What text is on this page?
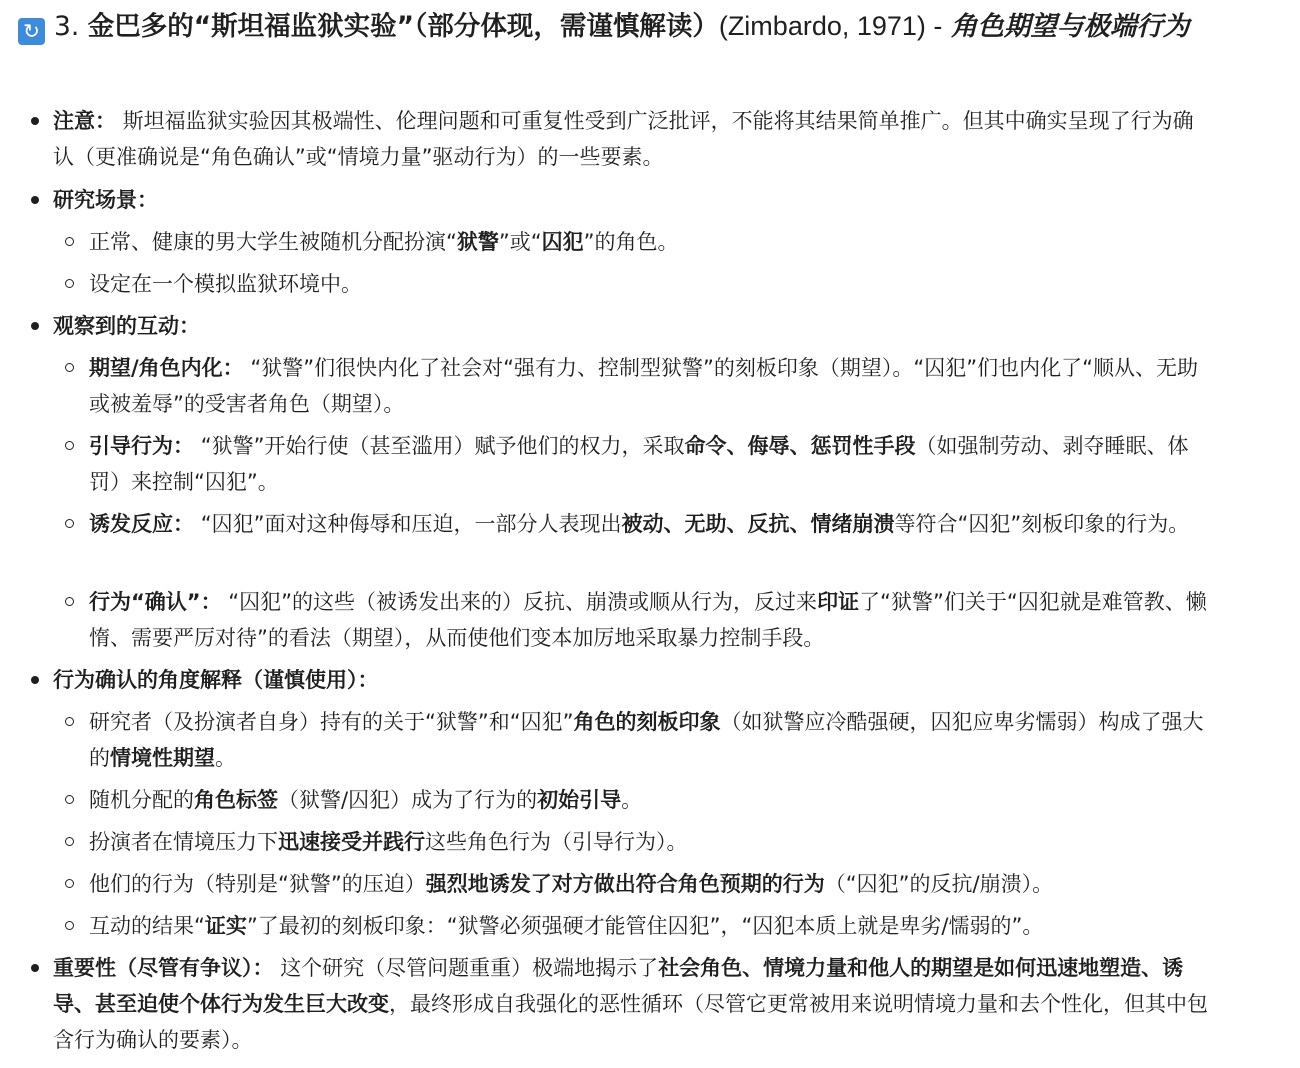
↻ 3. 金巴多的“斯坦福监狱实验”（部分体现，需谨慎解读）(Zimbardo, 1971) - 角色期望与极端行为
注意： 斯坦福监狱实验因其极端性、伦理问题和可重复性受到广泛批评，不能将其结果简单推广。但其中确实呈现了行为确认（更准确说是“角色确认”或“情境力量”驱动行为）的一些要素。
研究场景：
正常、健康的男大学生被随机分配扮演“狱警”或“囚犯”的角色。
设定在一个模拟监狱环境中。
观察到的互动：
期望/角色内化： “狱警”们很快内化了社会对“强有力、控制型狱警”的刻板印象（期望）。“囚犯”们也内化了“顺从、无助或被羞辱”的受害者角色（期望）。
引导行为： “狱警”开始行使（甚至滥用）赋予他们的权力，采取命令、侮辱、惩罚性手段（如强制劳动、剥夺睡眠、体罚）来控制“囚犯”。
诱发反应： “囚犯”面对这种侮辱和压迫，一部分人表现出被动、无助、反抗、情绪崩溃等符合“囚犯”刻板印象的行为。
行为“确认”： “囚犯”的这些（被诱发出来的）反抗、崩溃或顺从行为，反过来印证了“狱警”们关于“囚犯就是难管教、懒惰、需要严厉对待”的看法（期望），从而使他们变本加厉地采取暴力控制手段。
行为确认的角度解释（谨慎使用）：
研究者（及扮演者自身）持有的关于“狱警”和“囚犯”角色的刻板印象（如狱警应冷酷强硬，囚犯应卑劣懦弱）构成了强大的情境性期望。
随机分配的角色标签（狱警/囚犯）成为了行为的初始引导。
扮演者在情境压力下迅速接受并践行这些角色行为（引导行为）。
他们的行为（特别是“狱警”的压迫）强烈地诱发了对方做出符合角色预期的行为（“囚犯”的反抗/崩溃）。
互动的结果“证实”了最初的刻板印象：“狱警必须强硬才能管住囚犯”，“囚犯本质上就是卑劣/懦弱的”。
重要性（尽管有争议）： 这个研究（尽管问题重重）极端地揭示了社会角色、情境力量和他人的期望是如何迅速地塑造、诱导、甚至迫使个体行为发生巨大改变，最终形成自我强化的恶性循环（尽管它更常被用来说明情境力量和去个性化，但其中包含行为确认的要素）。
